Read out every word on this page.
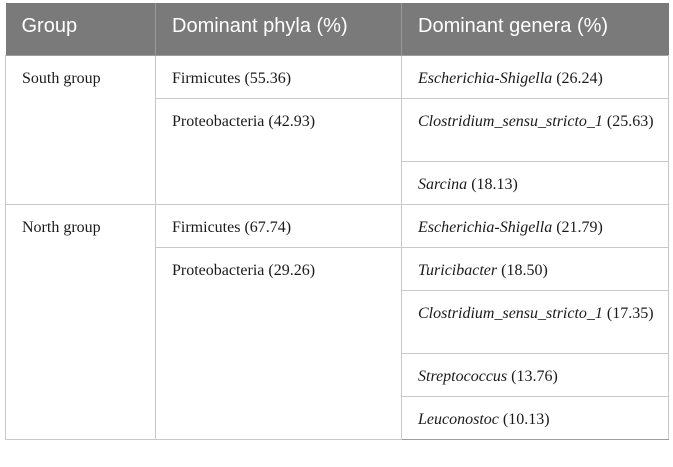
Group	Dominant phyla (%)	Dominant genera (%)
South group	Firmicutes (55.36)	Escherichia-Shigella (26.24)
	Proteobacteria (42.93)	Clostridium_sensu_stricto_1 (25.63)
		Sarcina (18.13)
North group	Firmicutes (67.74)	Escherichia-Shigella (21.79)
	Proteobacteria (29.26)	Turicibacter (18.50)
		Clostridium_sensu_stricto_1 (17.35)
		Streptococcus (13.76)
		Leuconostoc (10.13)
